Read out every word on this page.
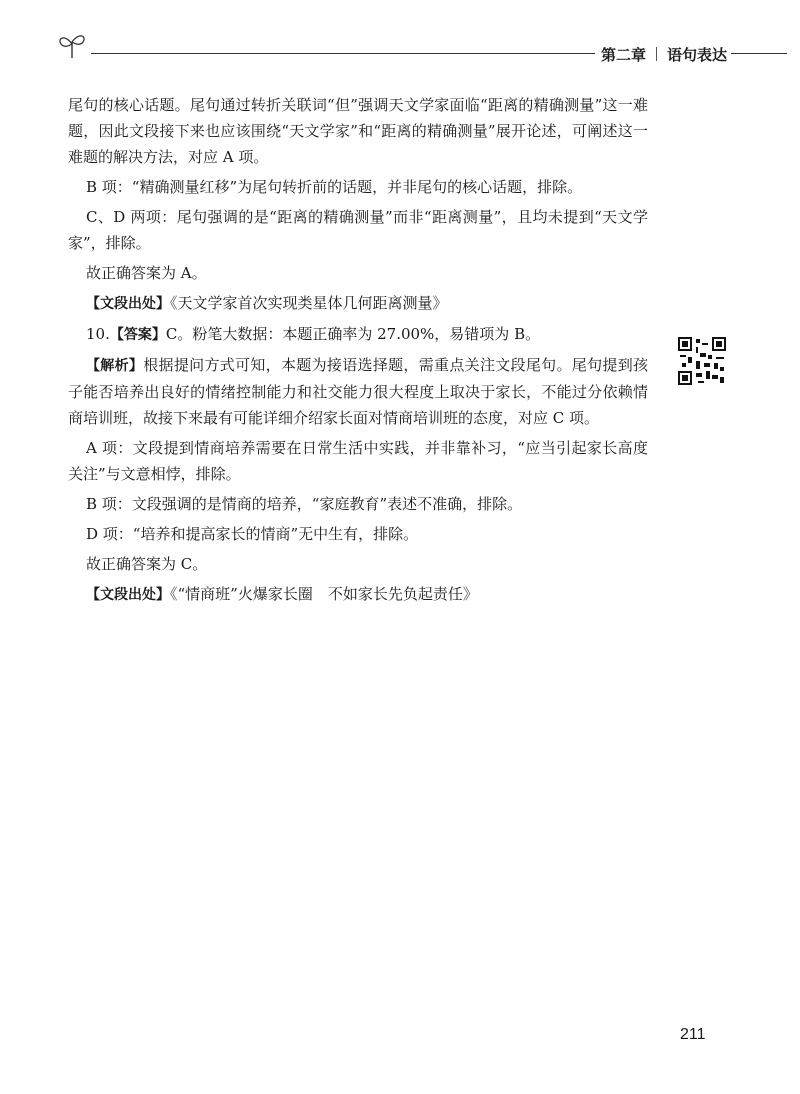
第二章 语句表达

尾句的核心话题。尾句通过转折关联词“但”强调天文学家面临“距离的精确测量”这一难题，因此文段接下来也应该围绕“天文学家”和“距离的精确测量”展开论述，可阐述这一难题的解决方法，对应 A 项。

B 项：“精确测量红移”为尾句转折前的话题，并非尾句的核心话题，排除。

C、D 两项：尾句强调的是“距离的精确测量”而非“距离测量”，且均未提到“天文学家”，排除。

故正确答案为 A。

【文段出处】《天文学家首次实现类星体几何距离测量》

10.【答案】C。粉笔大数据：本题正确率为 27.00%，易错项为 B。

【解析】根据提问方式可知，本题为接语选择题，需重点关注文段尾句。尾句提到孩子能否培养出良好的情绪控制能力和社交能力很大程度上取决于家长，不能过分依赖情商培训班，故接下来最有可能详细介绍家长面对情商培训班的态度，对应 C 项。

A 项：文段提到情商培养需要在日常生活中实践，并非靠补习，“应当引起家长高度关注”与文意相悖，排除。

B 项：文段强调的是情商的培养，“家庭教育”表述不准确，排除。

D 项：“培养和提高家长的情商”无中生有，排除。

故正确答案为 C。

【文段出处】《“情商班”火爆家长圈　不如家长先负起责任》

211
